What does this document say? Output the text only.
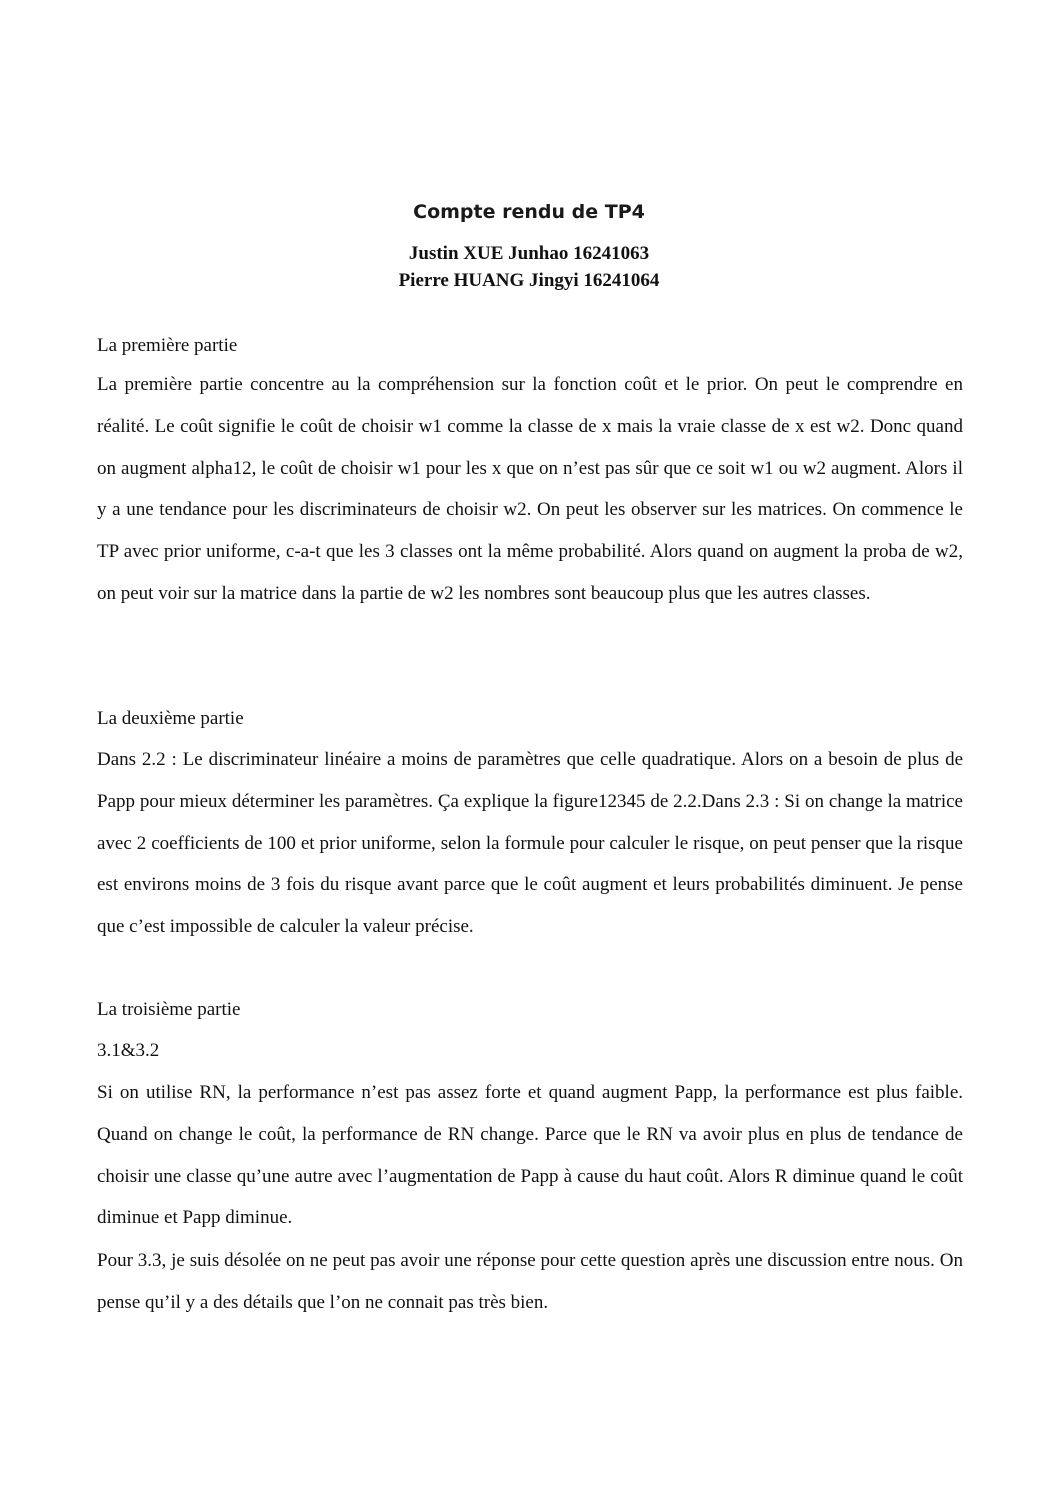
Compte rendu de TP4
Justin XUE Junhao 16241063
Pierre HUANG Jingyi 16241064
La première partie

La première partie concentre au la compréhension sur la fonction coût et le prior. On peut le comprendre en réalité. Le coût signifie le coût de choisir w1 comme la classe de x mais la vraie classe de x est w2. Donc quand on augment alpha12, le coût de choisir w1 pour les x que on n’est pas sûr que ce soit w1 ou w2 augment. Alors il y a une tendance pour les discriminateurs de choisir w2. On peut les observer sur les matrices. On commence le TP avec prior uniforme, c-a-t que les 3 classes ont la même probabilité. Alors quand on augment la proba de w2, on peut voir sur la matrice dans la partie de w2 les nombres sont beaucoup plus que les autres classes.

La deuxième partie

Dans 2.2 : Le discriminateur linéaire a moins de paramètres que celle quadratique. Alors on a besoin de plus de Papp pour mieux déterminer les paramètres. Ça explique la figure12345 de 2.2.Dans 2.3 : Si on change la matrice avec 2 coefficients de 100 et prior uniforme, selon la formule pour calculer le risque, on peut penser que la risque est environs moins de 3 fois du risque avant parce que le coût augment et leurs probabilités diminuent. Je pense que c’est impossible de calculer la valeur précise.

La troisième partie
3.1&3.2

Si on utilise RN, la performance n’est pas assez forte et quand augment Papp, la performance est plus faible. Quand on change le coût, la performance de RN change. Parce que le RN va avoir plus en plus de tendance de choisir une classe qu’une autre avec l’augmentation de Papp à cause du haut coût. Alors R diminue quand le coût diminue et Papp diminue.

Pour 3.3, je suis désolée on ne peut pas avoir une réponse pour cette question après une discussion entre nous. On pense qu’il y a des détails que l’on ne connait pas très bien.
